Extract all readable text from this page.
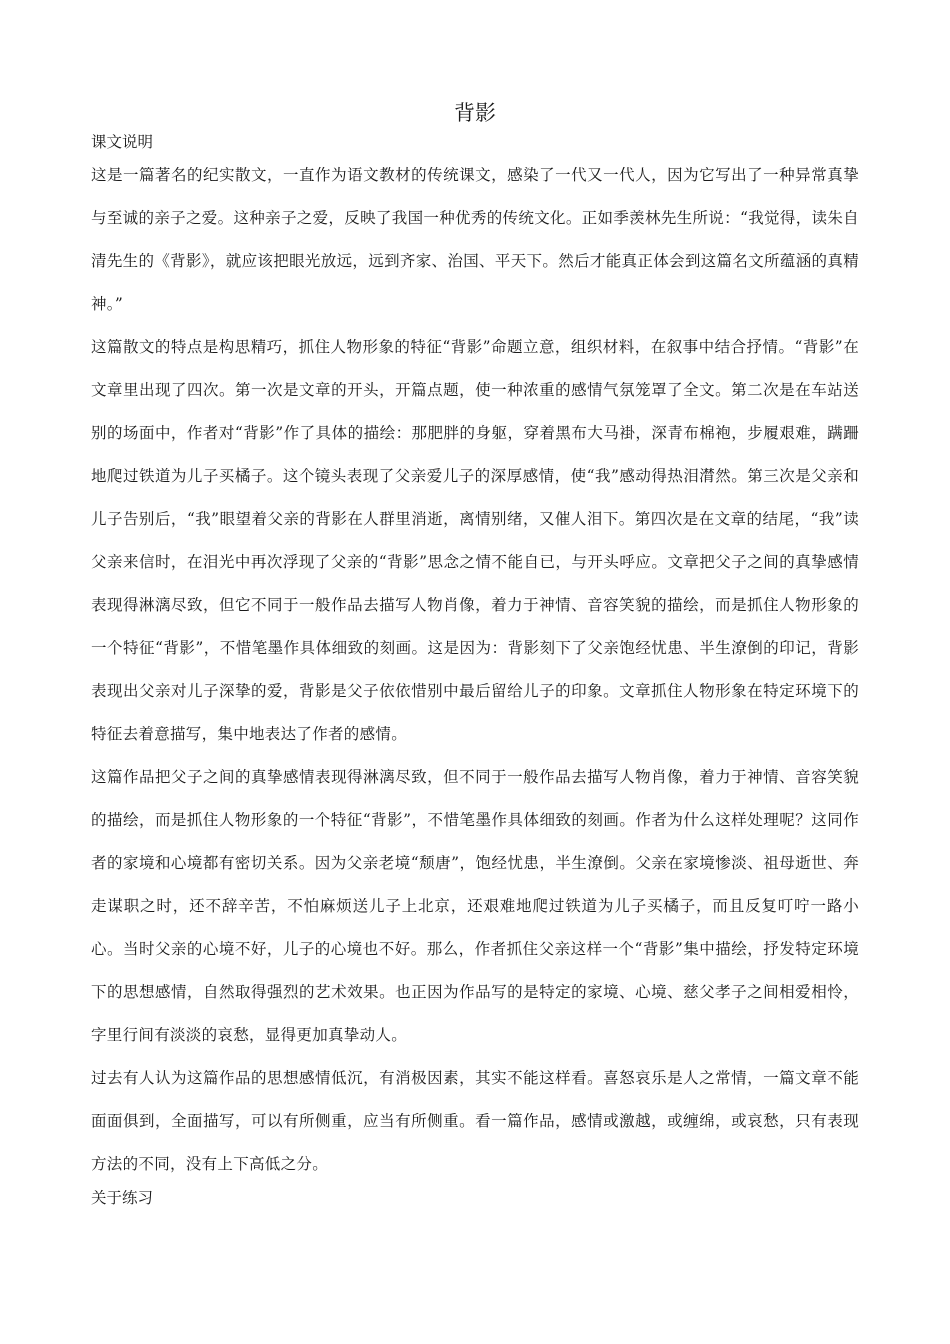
背影
课文说明

这是一篇著名的纪实散文，一直作为语文教材的传统课文，感染了一代又一代人，因为它写出了一种异常真挚与至诚的亲子之爱。这种亲子之爱，反映了我国一种优秀的传统文化。正如季羡林先生所说：“我觉得，读朱自清先生的《背影》，就应该把眼光放远，远到齐家、治国、平天下。然后才能真正体会到这篇名文所蕴涵的真精神。”

这篇散文的特点是构思精巧，抓住人物形象的特征“背影”命题立意，组织材料，在叙事中结合抒情。“背影”在文章里出现了四次。第一次是文章的开头，开篇点题，使一种浓重的感情气氛笼罩了全文。第二次是在车站送别的场面中，作者对“背影”作了具体的描绘：那肥胖的身躯，穿着黑布大马褂，深青布棉袍，步履艰难，蹒跚地爬过铁道为儿子买橘子。这个镜头表现了父亲爱儿子的深厚感情，使“我”感动得热泪潸然。第三次是父亲和儿子告别后，“我”眼望着父亲的背影在人群里消逝，离情别绪，又催人泪下。第四次是在文章的结尾，“我”读父亲来信时，在泪光中再次浮现了父亲的“背影”思念之情不能自已，与开头呼应。文章把父子之间的真挚感情表现得淋漓尽致，但它不同于一般作品去描写人物肖像，着力于神情、音容笑貌的描绘，而是抓住人物形象的一个特征“背影”，不惜笔墨作具体细致的刻画。这是因为：背影刻下了父亲饱经忧患、半生潦倒的印记，背影表现出父亲对儿子深挚的爱，背影是父子依依惜别中最后留给儿子的印象。文章抓住人物形象在特定环境下的特征去着意描写，集中地表达了作者的感情。

这篇作品把父子之间的真挚感情表现得淋漓尽致，但不同于一般作品去描写人物肖像，着力于神情、音容笑貌的描绘，而是抓住人物形象的一个特征“背影”，不惜笔墨作具体细致的刻画。作者为什么这样处理呢？这同作者的家境和心境都有密切关系。因为父亲老境“颓唐”，饱经忧患，半生潦倒。父亲在家境惨淡、祖母逝世、奔走谋职之时，还不辞辛苦，不怕麻烦送儿子上北京，还艰难地爬过铁道为儿子买橘子，而且反复叮咛一路小心。当时父亲的心境不好，儿子的心境也不好。那么，作者抓住父亲这样一个“背影”集中描绘，抒发特定环境下的思想感情，自然取得强烈的艺术效果。也正因为作品写的是特定的家境、心境、慈父孝子之间相爱相怜，字里行间有淡淡的哀愁，显得更加真挚动人。

过去有人认为这篇作品的思想感情低沉，有消极因素，其实不能这样看。喜怒哀乐是人之常情，一篇文章不能面面俱到，全面描写，可以有所侧重，应当有所侧重。看一篇作品，感情或激越，或缠绵，或哀愁，只有表现方法的不同，没有上下高低之分。

关于练习
